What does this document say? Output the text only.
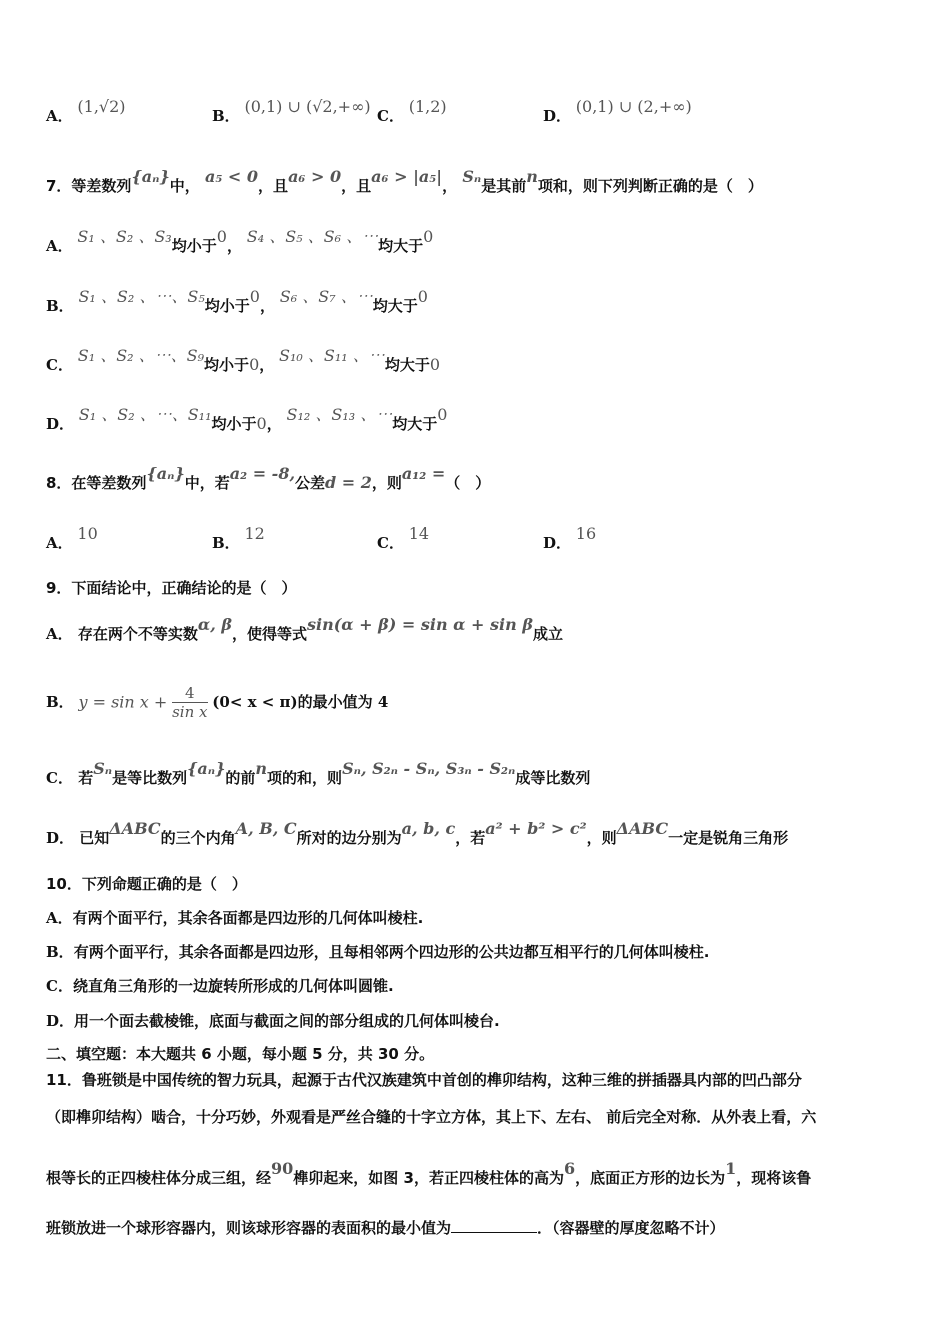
A． (1,√2)	B． (0,1) ∪ (√2,+∞) C． (1,2)	D． (0,1) ∪ (2,+∞)
7．等差数列{aₙ}中， a₅ < 0，且a₆ > 0，且a₆ > |a₅|， Sₙ是其前n项和，则下列判断正确的是（　）
A． S₁ 、S₂ 、S₃均小于0， S₄ 、S₅ 、S₆ 、⋯均大于0
B． S₁ 、S₂ 、⋯、S₅均小于0， S₆ 、S₇ 、⋯均大于0
C． S₁ 、S₂ 、⋯、S₉均小于0， S₁₀ 、S₁₁ 、⋯均大于0
D． S₁ 、S₂ 、⋯、S₁₁均小于0， S₁₂ 、S₁₃ 、⋯均大于0
8．在等差数列{aₙ}中，若a₂ = -8,公差d = 2，则a₁₂ =（　）
A． 10	B． 12	C． 14	D． 16
9．下面结论中，正确结论的是（　）
A． 存在两个不等实数α, β，使得等式sin(α + β) = sin α + sin β成立
B． $y = \sin x + \frac{4}{\text{sin x}} (0< x < \pi)$的最小值为 4
C． 若Sₙ是等比数列{aₙ}的前n项的和，则Sₙ, S₂ₙ - Sₙ, S₃ₙ - S₂ₙ成等比数列
D． 已知ΔABC的三个内角A, B, C所对的边分别为a, b, c，若a² + b² > c²，则ΔABC一定是锐角三角形
10．下列命题正确的是（　）
A．有两个面平行，其余各面都是四边形的几何体叫棱柱.
B．有两个面平行，其余各面都是四边形，且每相邻两个四边形的公共边都互相平行的几何体叫棱柱.
C．绕直角三角形的一边旋转所形成的几何体叫圆锥.
D．用一个面去截棱锥，底面与截面之间的部分组成的几何体叫棱台.
二、填空题：本大题共 6 小题，每小题 5 分，共 30 分。
11．鲁班锁是中国传统的智力玩具，起源于古代汉族建筑中首创的榫卯结构，这种三维的拼插器具内部的凹凸部分
（即榫卯结构）啮合，十分巧妙，外观看是严丝合缝的十字立方体，其上下、左右、 前后完全对称．从外表上看，六
根等长的正四棱柱体分成三组，经90榫卯起来，如图 3，若正四棱柱体的高为6，底面正方形的边长为1，现将该鲁
班锁放进一个球形容器内，则该球形容器的表面积的最小值为	．（容器壁的厚度忽略不计）
